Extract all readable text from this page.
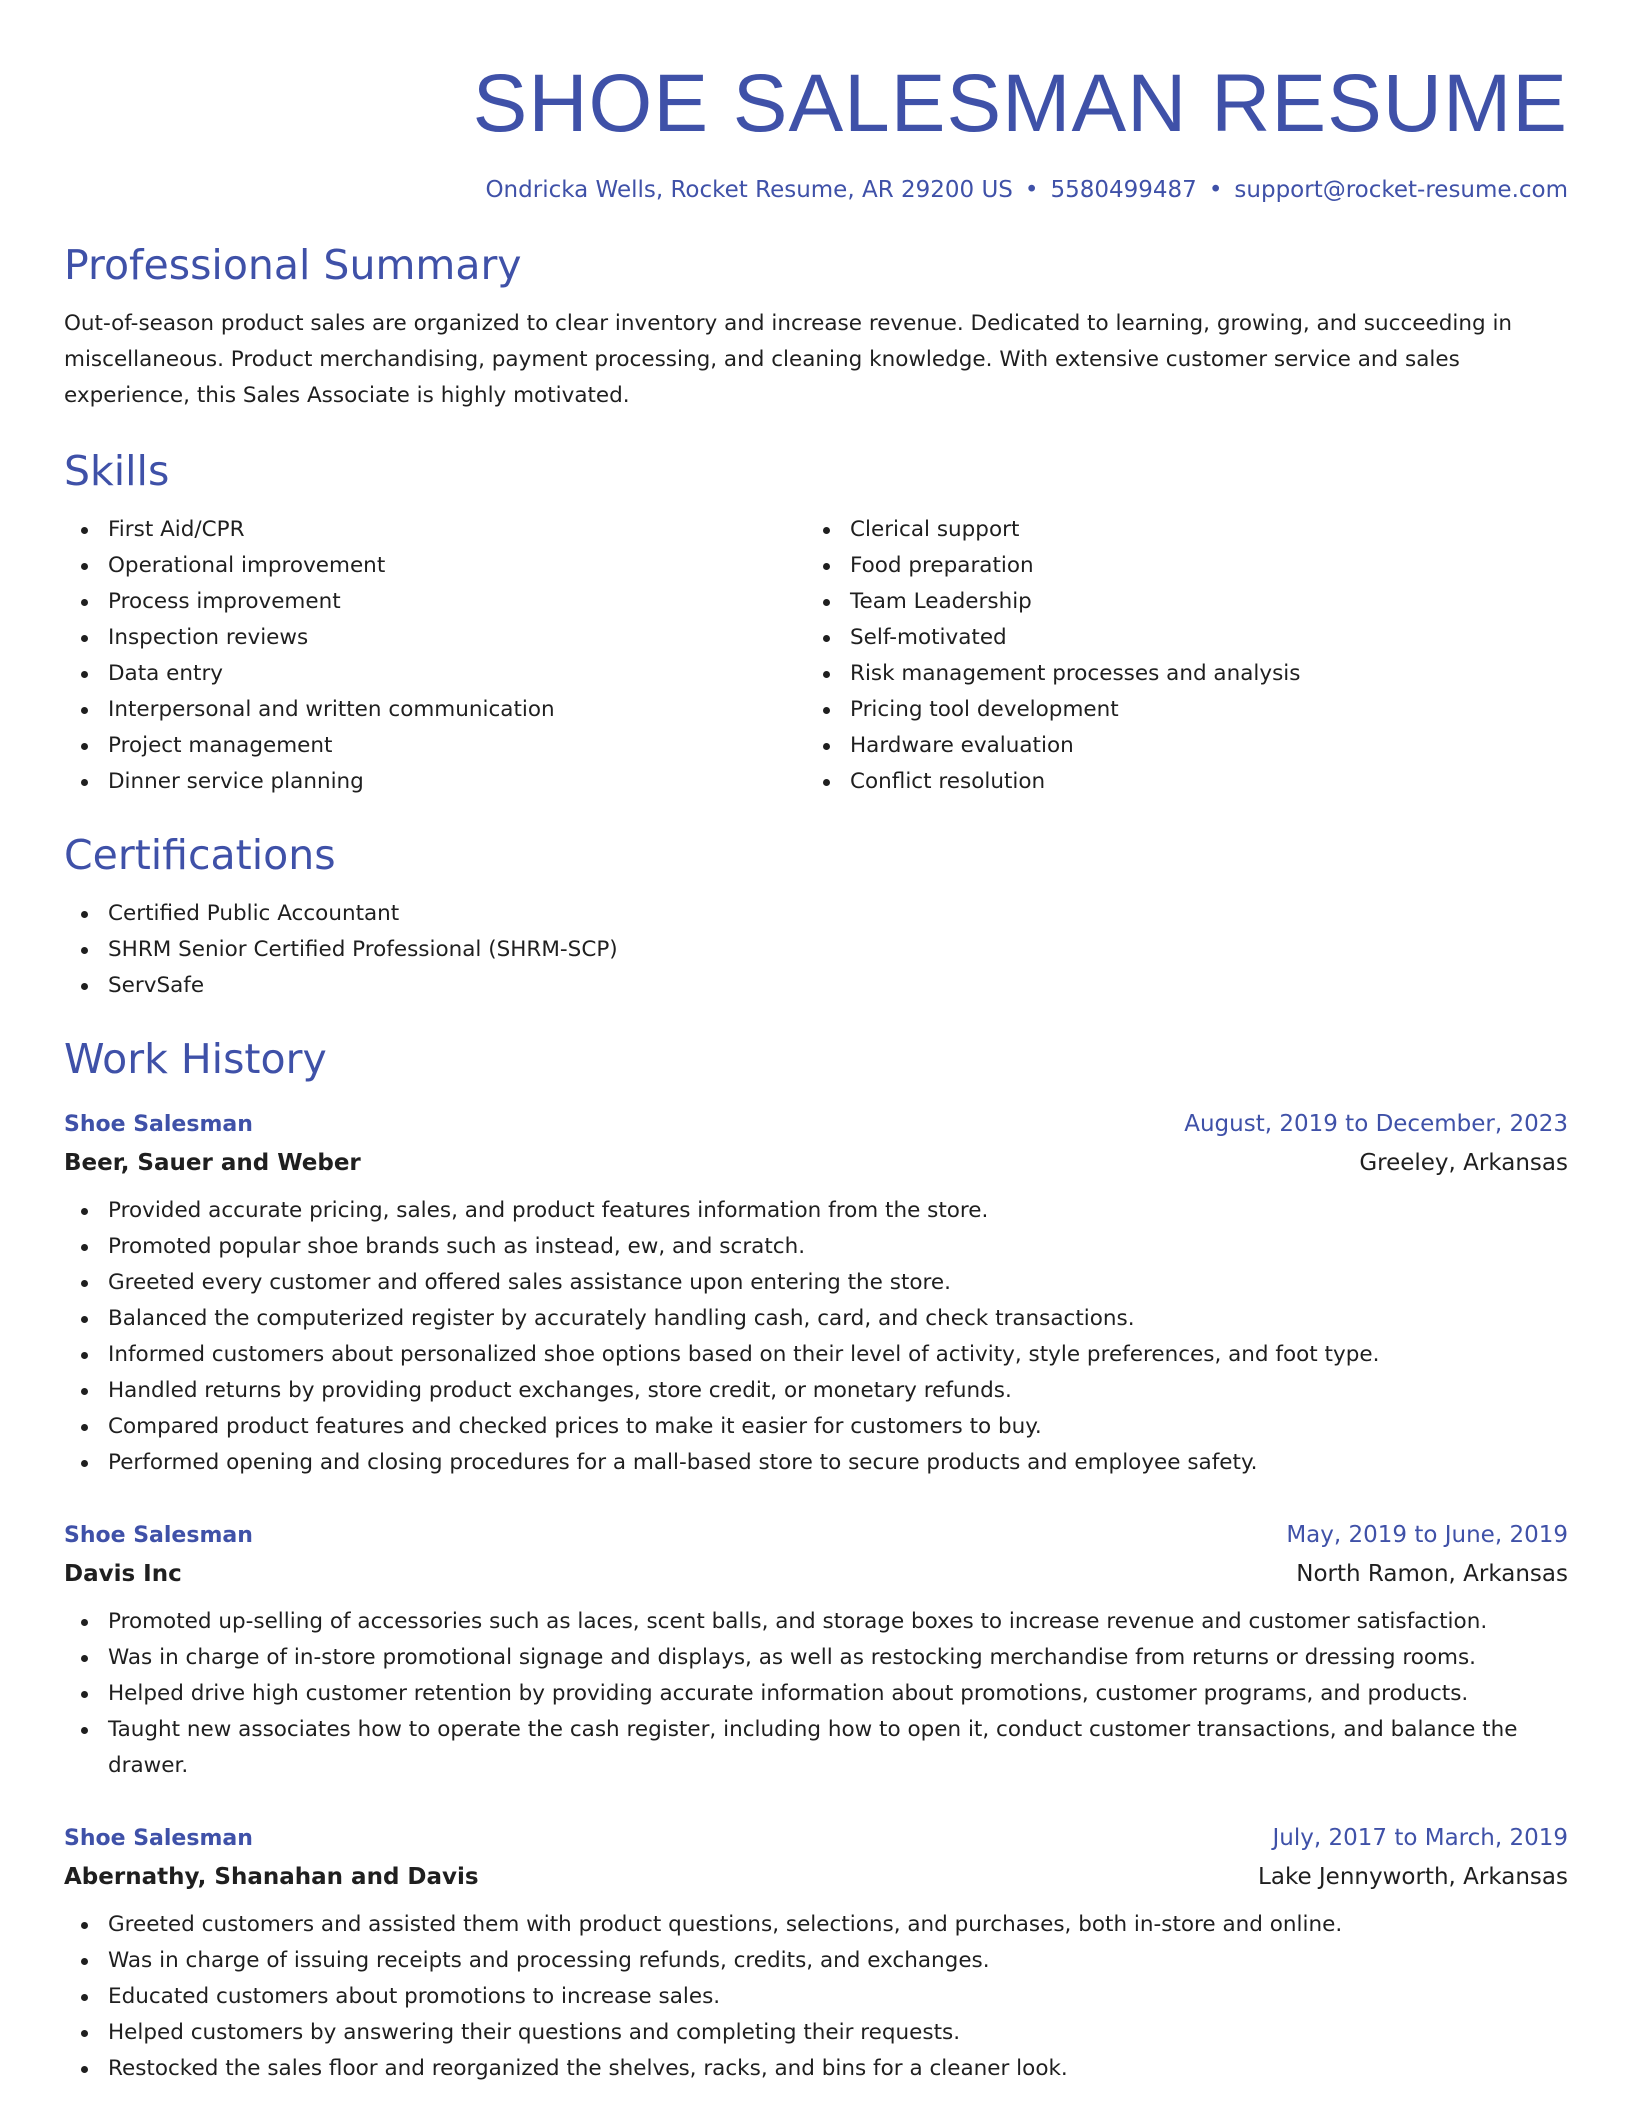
SHOE SALESMAN RESUME
Ondricka Wells, Rocket Resume, AR 29200 US • 5580499487 • support@rocket-resume.com
Professional Summary

Out-of-season product sales are organized to clear inventory and increase revenue. Dedicated to learning, growing, and succeeding in miscellaneous. Product merchandising, payment processing, and cleaning knowledge. With extensive customer service and sales experience, this Sales Associate is highly motivated.

Skills
First Aid/CPR
Operational improvement
Process improvement
Inspection reviews
Data entry
Interpersonal and written communication
Project management
Dinner service planning
Clerical support
Food preparation
Team Leadership
Self-motivated
Risk management processes and analysis
Pricing tool development
Hardware evaluation
Conflict resolution
Certifications
Certified Public Accountant
SHRM Senior Certified Professional (SHRM-SCP)
ServSafe
Work History
Shoe Salesman	August, 2019 to December, 2023
Beer, Sauer and Weber	Greeley, Arkansas
Provided accurate pricing, sales, and product features information from the store.
Promoted popular shoe brands such as instead, ew, and scratch.
Greeted every customer and offered sales assistance upon entering the store.
Balanced the computerized register by accurately handling cash, card, and check transactions.
Informed customers about personalized shoe options based on their level of activity, style preferences, and foot type.
Handled returns by providing product exchanges, store credit, or monetary refunds.
Compared product features and checked prices to make it easier for customers to buy.
Performed opening and closing procedures for a mall-based store to secure products and employee safety.
Shoe Salesman	May, 2019 to June, 2019
Davis Inc	North Ramon, Arkansas
Promoted up-selling of accessories such as laces, scent balls, and storage boxes to increase revenue and customer satisfaction.
Was in charge of in-store promotional signage and displays, as well as restocking merchandise from returns or dressing rooms.
Helped drive high customer retention by providing accurate information about promotions, customer programs, and products.
Taught new associates how to operate the cash register, including how to open it, conduct customer transactions, and balance the drawer.
Shoe Salesman	July, 2017 to March, 2019
Abernathy, Shanahan and Davis	Lake Jennyworth, Arkansas
Greeted customers and assisted them with product questions, selections, and purchases, both in-store and online.
Was in charge of issuing receipts and processing refunds, credits, and exchanges.
Educated customers about promotions to increase sales.
Helped customers by answering their questions and completing their requests.
Restocked the sales floor and reorganized the shelves, racks, and bins for a cleaner look.
